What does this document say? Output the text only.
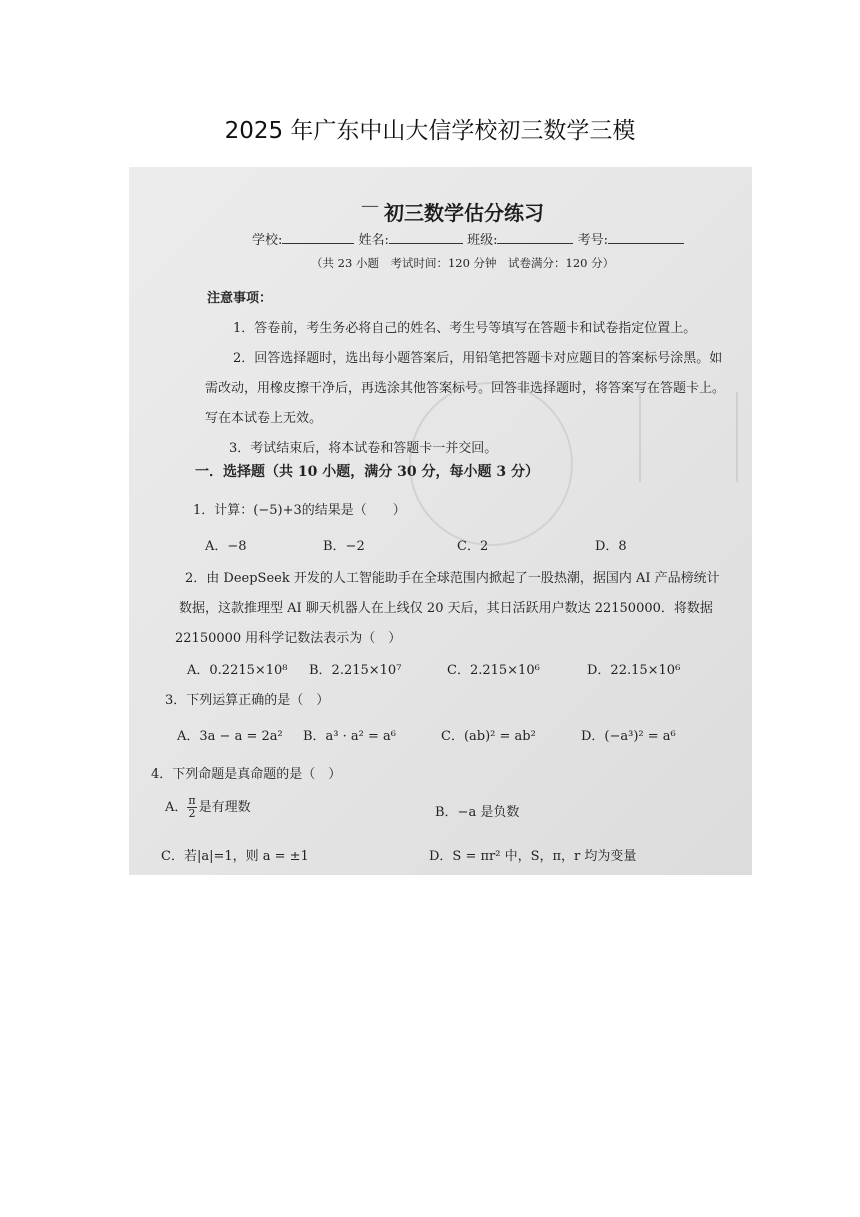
2025 年广东中山大信学校初三数学三模
— 初三数学估分练习
学校:	姓名:	班级:	考号:
（共 23 小题　考试时间：120 分钟　试卷满分：120 分）
注意事项：
1．答卷前，考生务必将自己的姓名、考生号等填写在答题卡和试卷指定位置上。
2．回答选择题时，选出每小题答案后，用铅笔把答题卡对应题目的答案标号涂黑。如
需改动，用橡皮擦干净后，再选涂其他答案标号。回答非选择题时，将答案写在答题卡上。
写在本试卷上无效。
3．考试结束后，将本试卷和答题卡一并交回。
一．选择题（共 10 小题，满分 30 分，每小题 3 分）
1．计算：(−5)+3的结果是（　　）
A．−8	B．−2	C．2	D．8
2．由 DeepSeek 开发的人工智能助手在全球范围内掀起了一股热潮，据国内 AI 产品榜统计
数据，这款推理型 AI 聊天机器人在上线仅 20 天后，其日活跃用户数达 22150000．将数据
22150000 用科学记数法表示为（　）
A．0.2215×10⁸ B．2.215×10⁷	C．2.215×10⁶	D．22.15×10⁶
3．下列运算正确的是（　）
A．3a − a = 2a² B．a³ · a² = a⁶	C．(ab)² = ab²	D．(−a³)² = a⁶
4．下列命题是真命题的是（　）
A． $\frac{\pi}{2}$ 是有理数	B．−a 是负数
C．若|a|=1，则 a = ±1	D．S = πr² 中，S，π，r 均为变量
